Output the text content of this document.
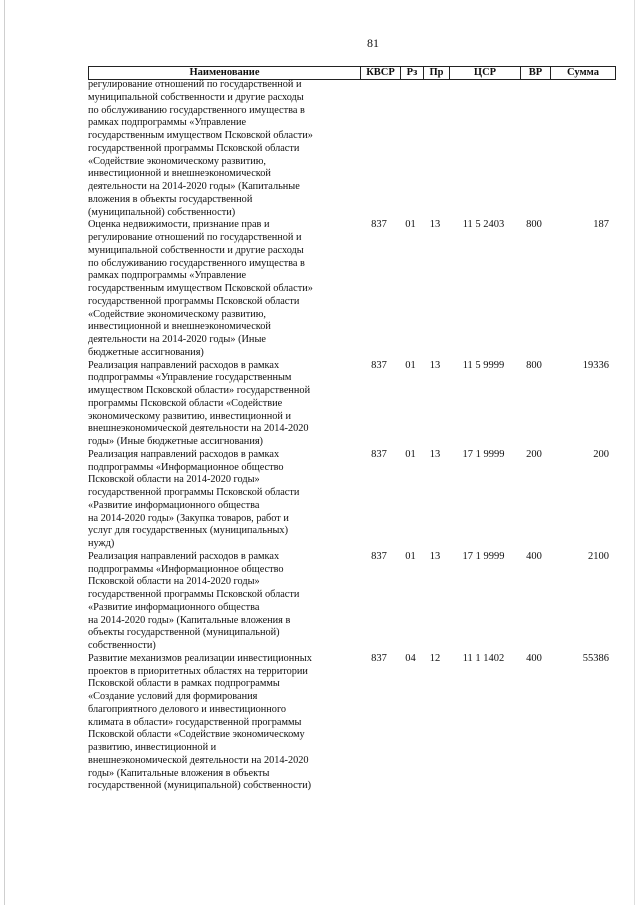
81
Наименование	КВСР	Рз	Пр	ЦСР	ВР	Сумма
регулирование отношений по государственной и
муниципальной собственности и другие расходы
по обслуживанию государственного имущества в
рамках подпрограммы «Управление
государственным имуществом Псковской области»
государственной программы Псковской области
«Содействие экономическому развитию,
инвестиционной и внешнеэкономической
деятельности на 2014-2020 годы» (Капитальные
вложения в объекты государственной
(муниципальной) собственности)
Оценка недвижимости, признание прав и
регулирование отношений по государственной и
муниципальной собственности и другие расходы
по обслуживанию государственного имущества в
рамках подпрограммы «Управление
государственным имуществом Псковской области»
государственной программы Псковской области
«Содействие экономическому развитию,
инвестиционной и внешнеэкономической
деятельности на 2014-2020 годы» (Иные
бюджетные ассигнования)
837	01	13	11 5 2403	800	187
Реализация направлений расходов в рамках
подпрограммы «Управление государственным
имуществом Псковской области» государственной
программы Псковской области «Содействие
экономическому развитию, инвестиционной и
внешнеэкономической деятельности на 2014-2020
годы» (Иные бюджетные ассигнования)
837	01	13	11 5 9999	800	19336
Реализация направлений расходов в рамках
подпрограммы «Информационное общество
Псковской области на 2014-2020 годы»
государственной программы Псковской области
«Развитие информационного общества
на 2014-2020 годы» (Закупка товаров, работ и
услуг для государственных (муниципальных)
нужд)
837	01	13	17 1 9999	200	200
Реализация направлений расходов в рамках
подпрограммы «Информационное общество
Псковской области на 2014-2020 годы»
государственной программы Псковской области
«Развитие информационного общества
на 2014-2020 годы» (Капитальные вложения в
объекты государственной (муниципальной)
собственности)
837	01	13	17 1 9999	400	2100
Развитие механизмов реализации инвестиционных
проектов в приоритетных областях на территории
Псковской области в рамках подпрограммы
«Создание условий для формирования
благоприятного делового и инвестиционного
климата в области» государственной программы
Псковской области «Содействие экономическому
развитию, инвестиционной и
внешнеэкономической деятельности на 2014-2020
годы» (Капитальные вложения в объекты
государственной (муниципальной) собственности)
837	04	12	11 1 1402	400	55386
